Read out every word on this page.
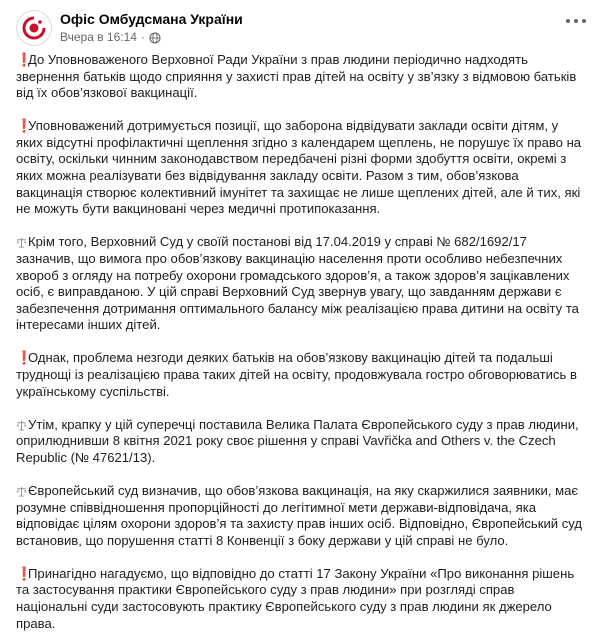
Офіс Омбудсмана України
Вчера в 16:14 ·

❗До Уповноваженого Верховної Ради України з прав людини періодично надходять звернення батьків щодо сприяння у захисті прав дітей на освіту у зв’язку з відмовою батьків від їх обов’язкової вакцинації.

❗Уповноважений дотримується позиції, що заборона відвідувати заклади освіти дітям, у яких відсутні профілактичні щеплення згідно з календарем щеплень, не порушує їх право на освіту, оскільки чинним законодавством передбачені різні форми здобуття освіти, окремі з яких можна реалізувати без відвідування закладу освіти. Разом з тим, обов’язкова вакцинація створює колективний імунітет та захищає не лише щеплених дітей, але й тих, які не можуть бути вакциновані через медичні протипоказання.

Крім того, Верховний Суд у своїй постанові від 17.04.2019 у справі № 682/1692/17 зазначив, що вимога про обов’язкову вакцинацію населення проти особливо небезпечних хвороб з огляду на потребу охорони громадського здоров’я, а також здоров’я зацікавлених осіб, є виправданою. У цій справі Верховний Суд звернув увагу, що завданням держави є забезпечення дотримання оптимального балансу між реалізацією права дитини на освіту та інтересами інших дітей.

❗Однак, проблема незгоди деяких батьків на обов’язкову вакцинацію дітей та подальші труднощі із реалізацією права таких дітей на освіту, продовжувала гостро обговорюватись в українському суспільстві.

Утім, крапку у цій суперечці поставила Велика Палата Європейського суду з прав людини, оприлюднивши 8 квітня 2021 року своє рішення у справі Vavřička and Others v. the Czech Republic (№ 47621/13).

Європейський суд визначив, що обов’язкова вакцинація, на яку скаржилися заявники, має розумне співвідношення пропорційності до легітимної мети держави-відповідача, яка відповідає цілям охорони здоров’я та захисту прав інших осіб. Відповідно, Європейський суд встановив, що порушення статті 8 Конвенції з боку держави у цій справі не було.

❗Принагідно нагадуємо, що відповідно до статті 17 Закону України «Про виконання рішень та застосування практики Європейського суду з прав людини» при розгляді справ національні суди застосовують практику Європейського суду з прав людини як джерело права.
